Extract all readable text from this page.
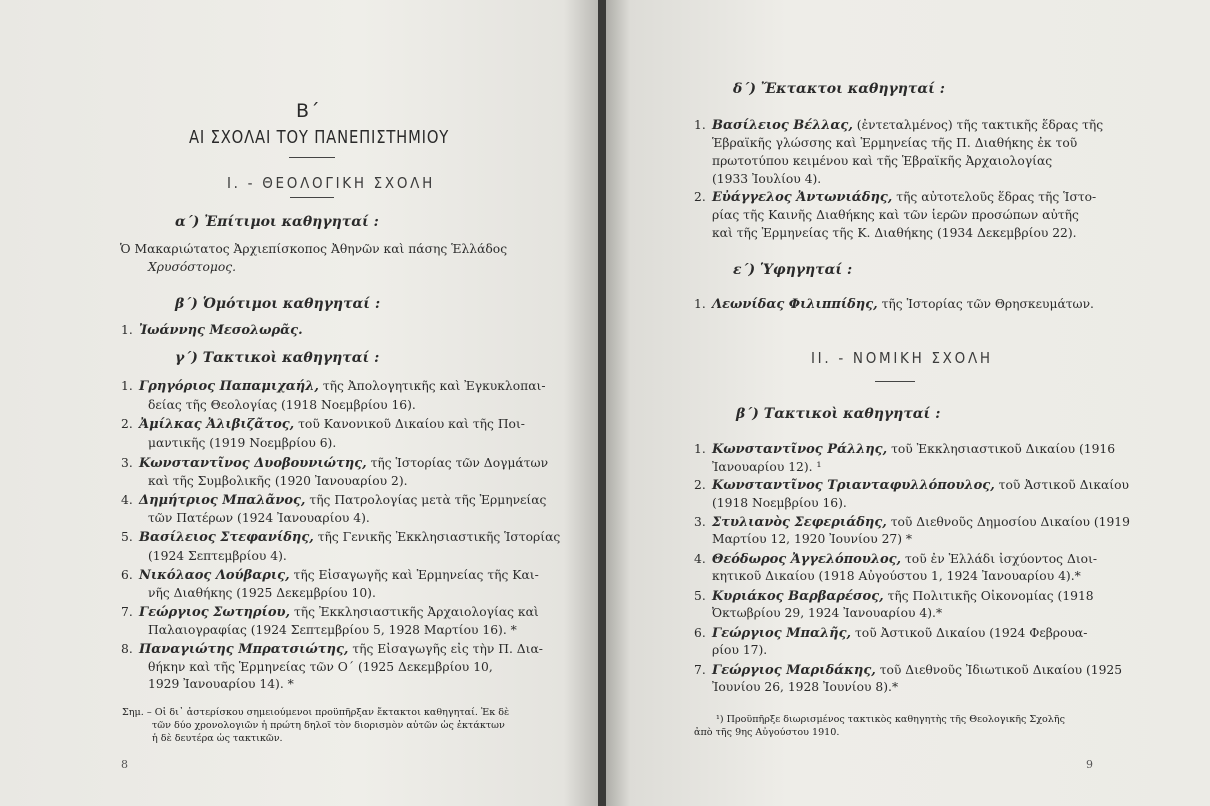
Β΄
ΑΙ ΣΧΟΛΑΙ ΤΟΥ ΠΑΝΕΠΙΣΤΗΜΙΟΥ
Ι. - ΘΕΟΛΟΓΙΚΗ ΣΧΟΛΗ
α΄) Ἐπίτιμοι καθηγηταί :
Ὁ Μακαριώτατος Ἀρχιεπίσκοπος Ἀθηνῶν καὶ πάσης Ἑλλάδος
Χρυσόστομος.
β΄) Ὁμότιμοι καθηγηταί :
1. Ἰωάννης Μεσολωρᾶς.
γ΄) Τακτικοὶ καθηγηταί :
1. Γρηγόριος Παπαμιχαήλ, τῆς Ἀπολογητικῆς καὶ Ἐγκυκλοπαι-
δείας τῆς Θεολογίας (1918 Νοεμβρίου 16).
2. Ἀμίλκας Ἀλιβιζᾶτος, τοῦ Κανονικοῦ Δικαίου καὶ τῆς Ποι-
μαντικῆς (1919 Νοεμβρίου 6).
3. Κωνσταντῖνος Δυοβουνιώτης, τῆς Ἱστορίας τῶν Δογμάτων
καὶ τῆς Συμβολικῆς (1920 Ἰανουαρίου 2).
4. Δημήτριος Μπαλᾶνος, τῆς Πατρολογίας μετὰ τῆς Ἑρμηνείας
τῶν Πατέρων (1924 Ἰανουαρίου 4).
5. Βασίλειος Στεφανίδης, τῆς Γενικῆς Ἐκκλησιαστικῆς Ἱστορίας
(1924 Σεπτεμβρίου 4).
6. Νικόλαος Λούβαρις, τῆς Εἰσαγωγῆς καὶ Ἑρμηνείας τῆς Και-
νῆς Διαθήκης (1925 Δεκεμβρίου 10).
7. Γεώργιος Σωτηρίου, τῆς Ἐκκλησιαστικῆς Ἀρχαιολογίας καὶ
Παλαιογραφίας (1924 Σεπτεμβρίου 5, 1928 Μαρτίου 16). *
8. Παναγιώτης Μπρατσιώτης, τῆς Εἰσαγωγῆς εἰς τὴν Π. Δια-
θήκην καὶ τῆς Ἑρμηνείας τῶν Ο΄ (1925 Δεκεμβρίου 10,
1929 Ἰανουαρίου 14). *
Σημ. – Οἱ δι᾽ ἀστερίσκου σημειούμενοι προϋπῆρξαν ἔκτακτοι καθηγηταί. Ἐκ δὲ
τῶν δύο χρονολογιῶν ἡ πρώτη δηλοῖ τὸν διορισμὸν αὐτῶν ὡς ἐκτάκτων
ἡ δὲ δευτέρα ὡς τακτικῶν.
8
δ΄) Ἔκτακτοι καθηγηταί :
1. Βασίλειος Βέλλας, (ἐντεταλμένος) τῆς τακτικῆς ἕδρας τῆς
Ἑβραϊκῆς γλώσσης καὶ Ἑρμηνείας τῆς Π. Διαθήκης ἐκ τοῦ
πρωτοτύπου κειμένου καὶ τῆς Ἑβραϊκῆς Ἀρχαιολογίας
(1933 Ἰουλίου 4).
2. Εὐάγγελος Ἀντωνιάδης, τῆς αὐτοτελοῦς ἕδρας τῆς Ἱστο-
ρίας τῆς Καινῆς Διαθήκης καὶ τῶν ἱερῶν προσώπων αὐτῆς
καὶ τῆς Ἑρμηνείας τῆς Κ. Διαθήκης (1934 Δεκεμβρίου 22).
ε΄) Ὑφηγηταί :
1. Λεωνίδας Φιλιππίδης, τῆς Ἱστορίας τῶν Θρησκευμάτων.
ΙΙ. - ΝΟΜΙΚΗ ΣΧΟΛΗ
β΄) Τακτικοὶ καθηγηταί :
1. Κωνσταντῖνος Ράλλης, τοῦ Ἐκκλησιαστικοῦ Δικαίου (1916
Ἰανουαρίου 12). ¹
2. Κωνσταντῖνος Τριανταφυλλόπουλος, τοῦ Ἀστικοῦ Δικαίου
(1918 Νοεμβρίου 16).
3. Στυλιανὸς Σεφεριάδης, τοῦ Διεθνοῦς Δημοσίου Δικαίου (1919
Μαρτίου 12, 1920 Ἰουνίου 27) *
4. Θεόδωρος Ἀγγελόπουλος, τοῦ ἐν Ἑλλάδι ἰσχύοντος Διοι-
κητικοῦ Δικαίου (1918 Αὐγούστου 1, 1924 Ἰανουαρίου 4).*
5. Κυριάκος Βαρβαρέσος, τῆς Πολιτικῆς Οἰκονομίας (1918
Ὀκτωβρίου 29, 1924 Ἰανουαρίου 4).*
6. Γεώργιος Μπαλῆς, τοῦ Ἀστικοῦ Δικαίου (1924 Φεβρουα-
ρίου 17).
7. Γεώργιος Μαριδάκης, τοῦ Διεθνοῦς Ἰδιωτικοῦ Δικαίου (1925
Ἰουνίου 26, 1928 Ἰουνίου 8).*
¹) Προϋπῆρξε διωρισμένος τακτικὸς καθηγητὴς τῆς Θεολογικῆς Σχολῆς
ἀπὸ τῆς 9ης Αὐγούστου 1910.
9
